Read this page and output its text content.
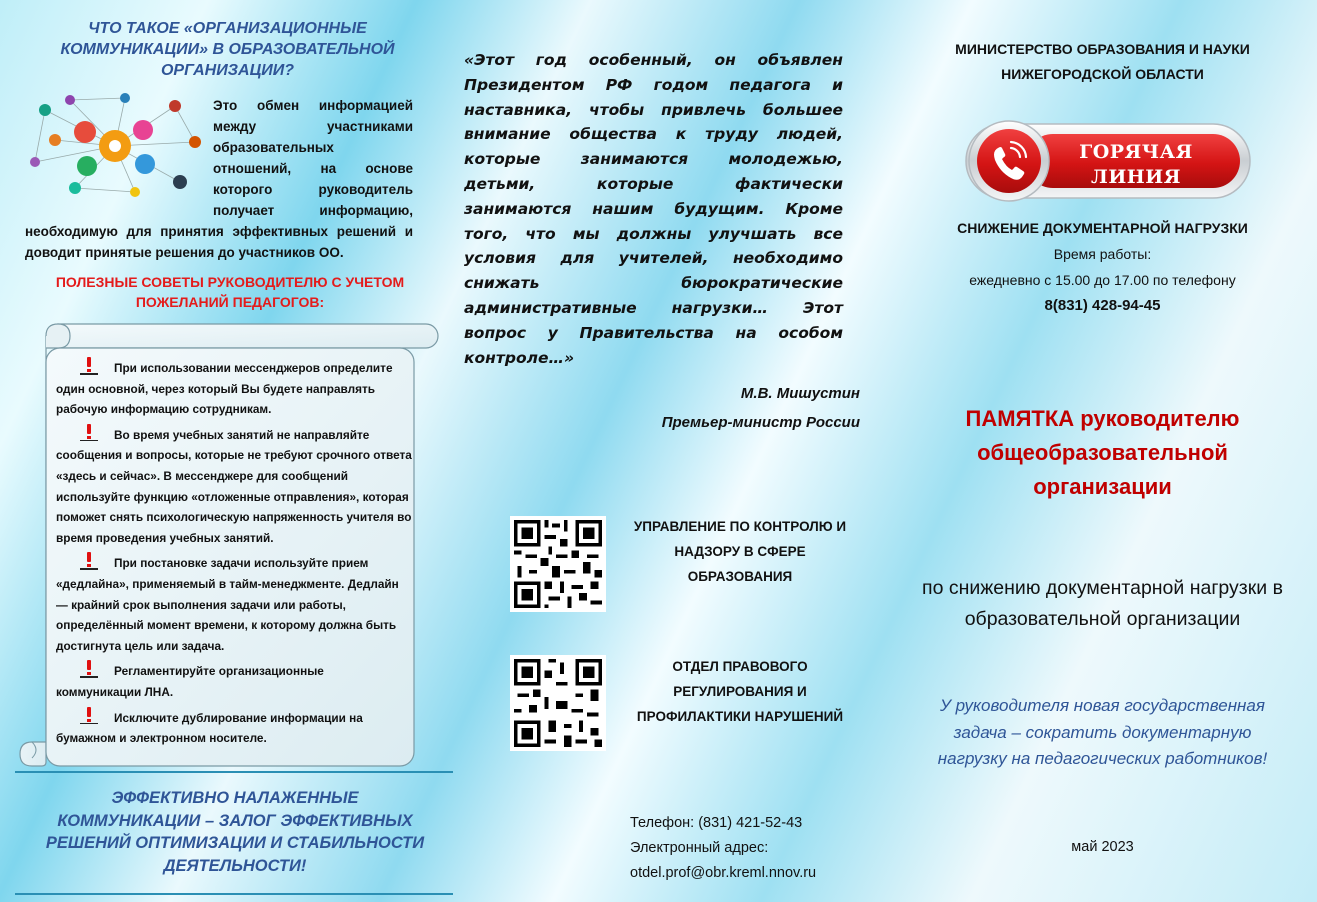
ЧТО ТАКОЕ «ОРГАНИЗАЦИОННЫЕ КОММУНИКАЦИИ» В ОБРАЗОВАТЕЛЬНОЙ ОРГАНИЗАЦИИ?

Это обмен информацией между участниками образовательных отношений, на основе которого руководитель получает информацию, необходимую для принятия эффективных решений и доводит принятые решения до участников ОО.

ПОЛЕЗНЫЕ СОВЕТЫ РУКОВОДИТЕЛЮ С УЧЕТОМ ПОЖЕЛАНИЙ ПЕДАГОГОВ:

При использовании мессенджеров определите один основной, через который Вы будете направлять рабочую информацию сотрудникам.

Во время учебных занятий не направляйте сообщения и вопросы, которые не требуют срочного ответа «здесь и сейчас». В мессенджере для сообщений используйте функцию «отложенные отправления», которая поможет снять психологическую напряженность учителя во время проведения учебных занятий.

При постановке задачи используйте прием «дедлайна», применяемый в тайм-менеджменте. Дедлайн — крайний срок выполнения задачи или работы, определённый момент времени, к которому должна быть достигнута цель или задача.

Регламентируйте организационные коммуникации ЛНА.

Исключите дублирование информации на бумажном и электронном носителе.

ЭФФЕКТИВНО НАЛАЖЕННЫЕ КОММУНИКАЦИИ – ЗАЛОГ ЭФФЕКТИВНЫХ РЕШЕНИЙ ОПТИМИЗАЦИИ И СТАБИЛЬНОСТИ ДЕЯТЕЛЬНОСТИ!

«Этот год особенный, он объявлен Президентом РФ годом педагога и наставника, чтобы привлечь большее внимание общества к труду людей, которые занимаются молодежью, детьми, которые фактически занимаются нашим будущим. Кроме того, что мы должны улучшать все условия для учителей, необходимо снижать бюрократические административные нагрузки… Этот вопрос у Правительства на особом контроле…»

М.В. Мишустин

Премьер-министр России

УПРАВЛЕНИЕ ПО КОНТРОЛЮ И НАДЗОРУ В СФЕРЕ ОБРАЗОВАНИЯ

ОТДЕЛ ПРАВОВОГО РЕГУЛИРОВАНИЯ И ПРОФИЛАКТИКИ НАРУШЕНИЙ

Телефон: (831) 421-52-43
Электронный адрес:
otdel.prof@obr.kreml.nnov.ru
МИНИСТЕРСТВО ОБРАЗОВАНИЯ И НАУКИ НИЖЕГОРОДСКОЙ ОБЛАСТИ
ГОРЯЧАЯ ЛИНИЯ
СНИЖЕНИЕ ДОКУМЕНТАРНОЙ НАГРУЗКИ

Время работы:

ежедневно с 15.00 до 17.00 по телефону

8(831) 428-94-45

ПАМЯТКА руководителю общеобразовательной организации

по снижению документарной нагрузки в образовательной организации

У руководителя новая государственная задача – сократить документарную нагрузку на педагогических работников!

май 2023
